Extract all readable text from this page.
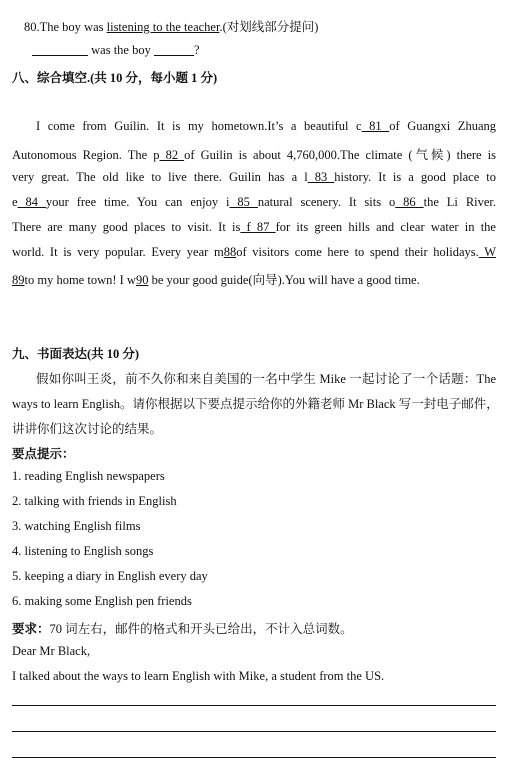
80.The boy was listening to the teacher.(对划线部分提问)
was the boy	?
八、综合填空.(共 10 分，每小题 1 分)
I come from Guilin. It is my hometown.It’s a beautiful c 81 of Guangxi Zhuang
Autonomous Region. The p 82 of Guilin is about 4,760,000.The climate (气候) there is
very great. The old like to live there. Guilin has a l 83 history. It is a good place to
e 84 your free time. You can enjoy i 85 natural scenery. It sits o 86 the Li River.
There are many good places to visit. It is f 87 for its green hills and clear water in the
world. It is very popular. Every year m88of visitors come here to spend their holidays. W
89to my home town! I w90 be your good guide(向导).You will have a good time.
九、书面表达(共 10 分)
假如你叫王炎，前不久你和来自美国的一名中学生 Mike 一起讨论了一个话题：The
ways to learn English。请你根据以下要点提示给你的外籍老师 Mr Black 写一封电子邮件，
讲讲你们这次讨论的结果。
要点提示：
1. reading English newspapers
2. talking with friends in English
3. watching English films
4. listening to English songs
5. keeping a diary in English every day
6. making some English pen friends
要求：70 词左右，邮件的格式和开头已给出，不计入总词数。
Dear Mr Black,
I talked about the ways to learn English with Mike, a student from the US.
